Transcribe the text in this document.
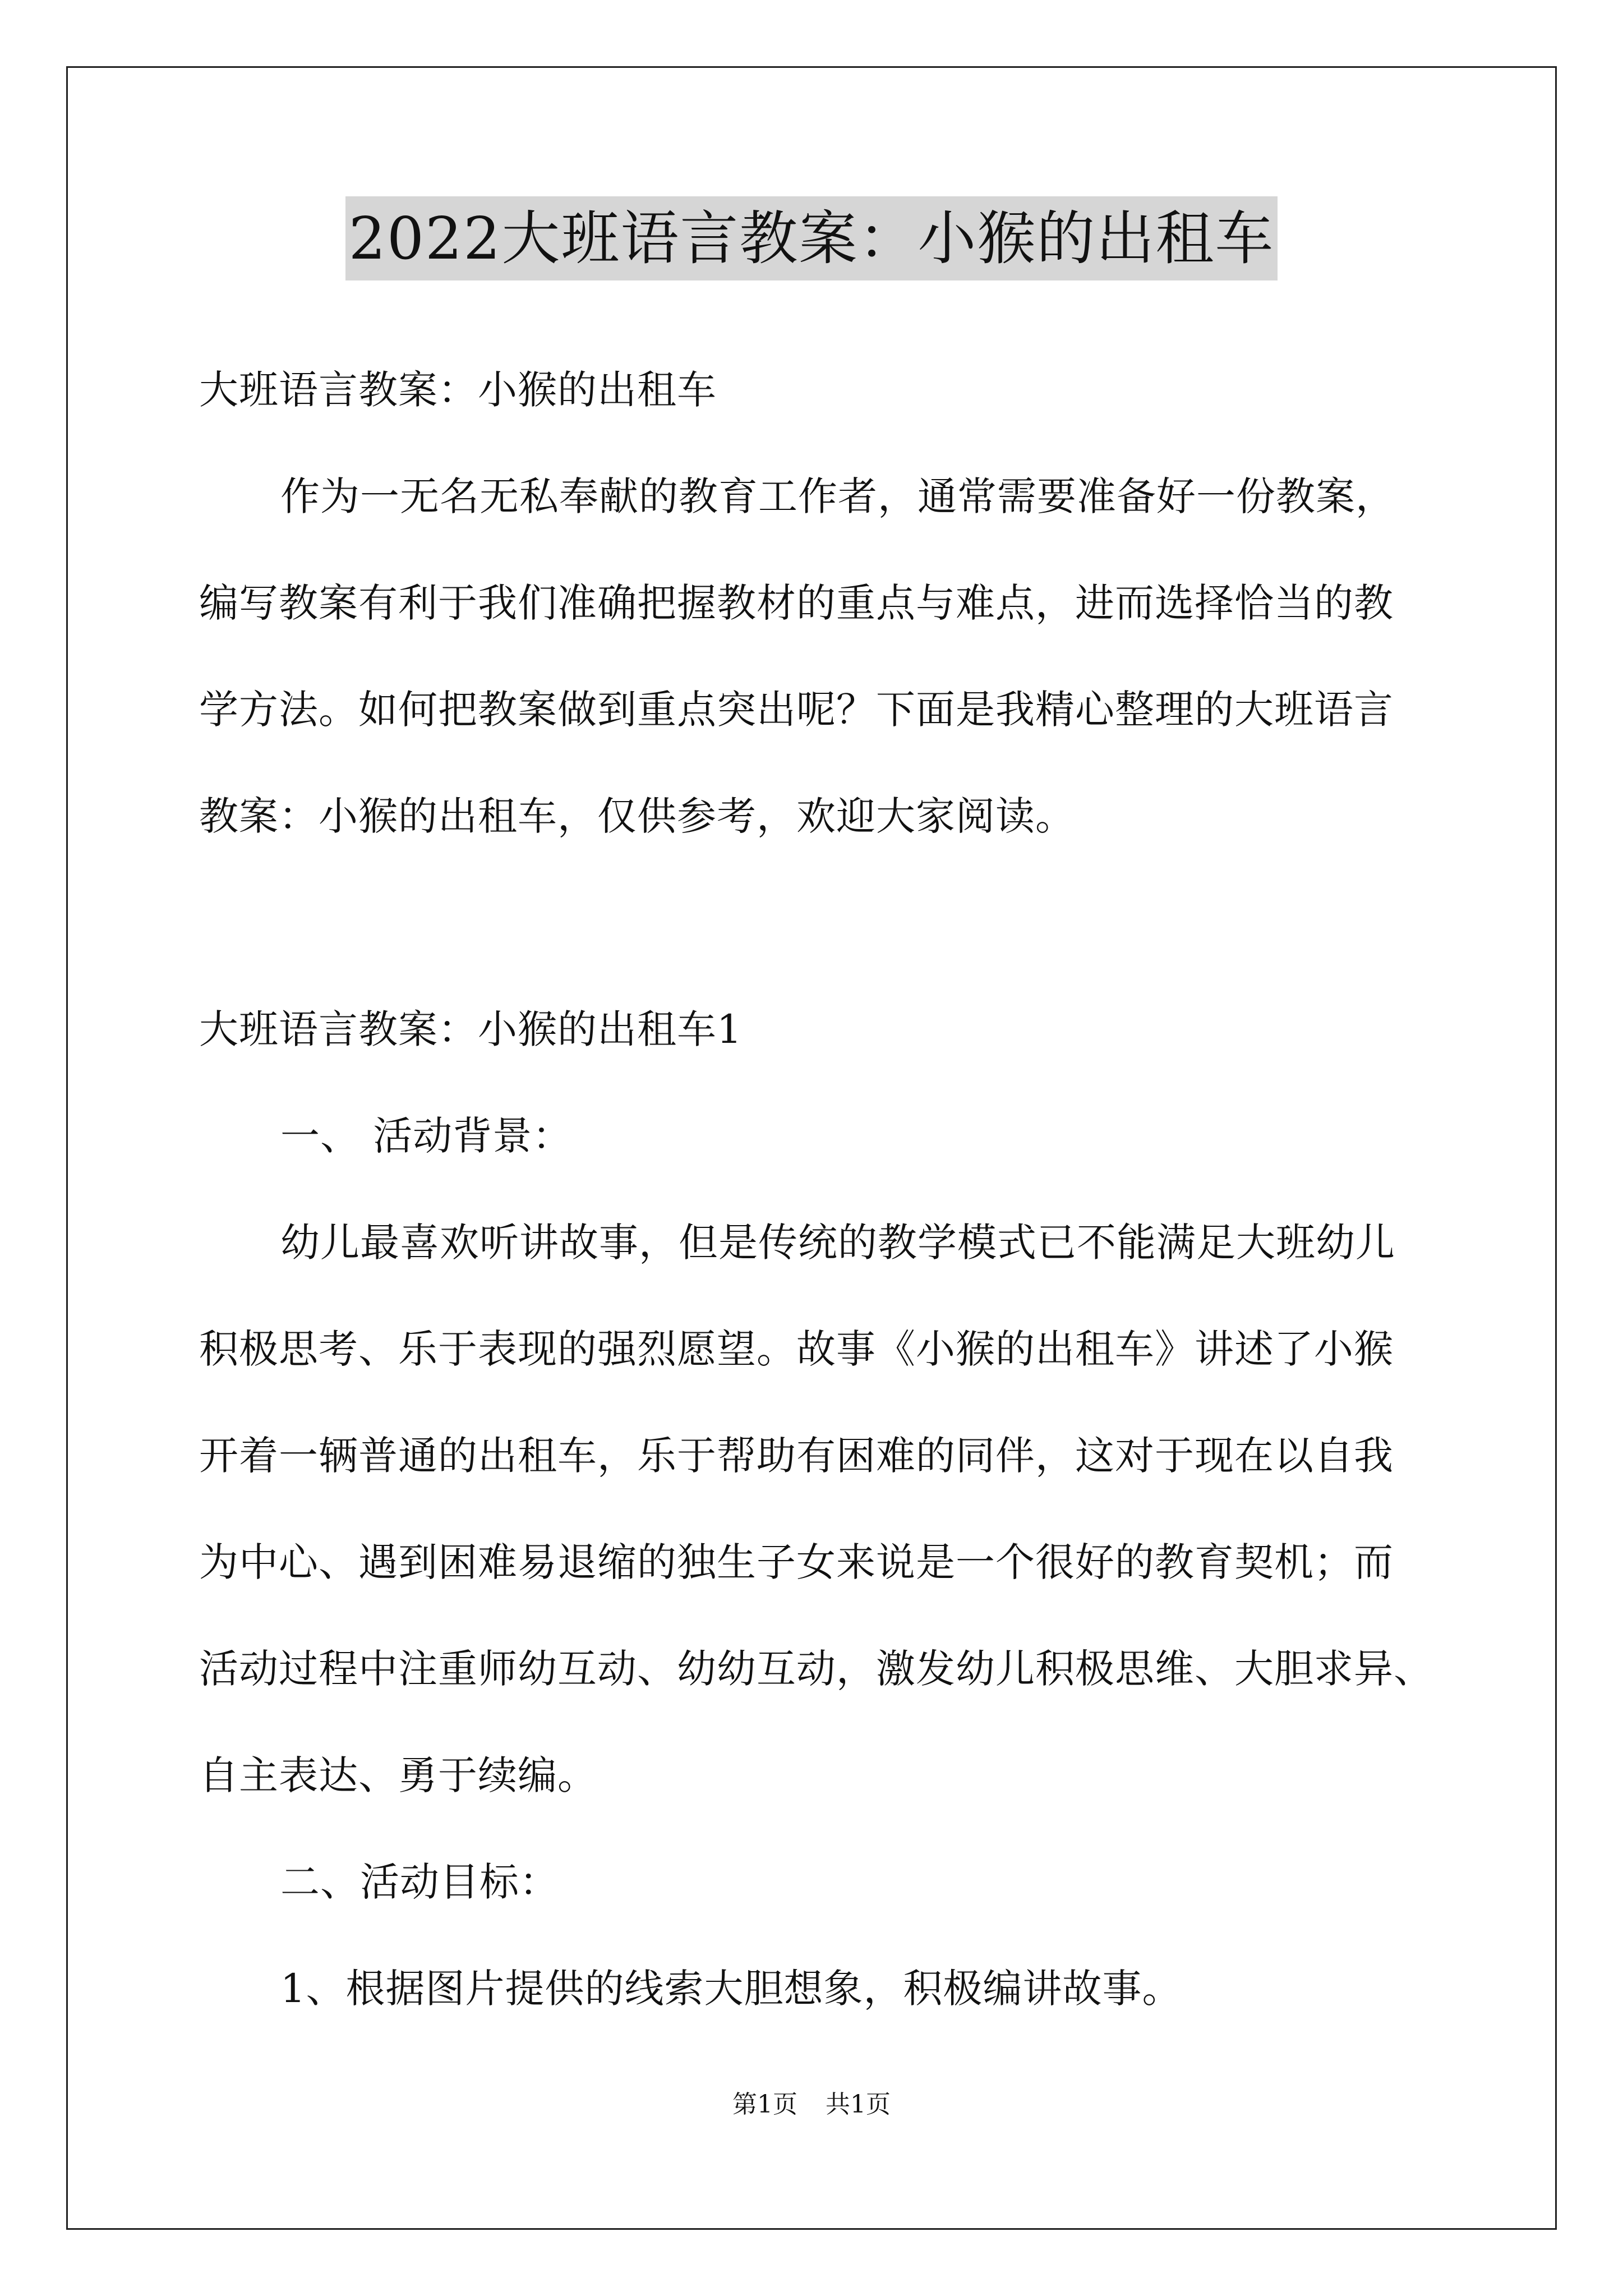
2022大班语言教案：小猴的出租车
大班语言教案：小猴的出租车
作为一无名无私奉献的教育工作者，通常需要准备好一份教案，
编写教案有利于我们准确把握教材的重点与难点，进而选择恰当的教
学方法。如何把教案做到重点突出呢？下面是我精心整理的大班语言
教案：小猴的出租车，仅供参考，欢迎大家阅读。
大班语言教案：小猴的出租车1
一、 活动背景：
幼儿最喜欢听讲故事，但是传统的教学模式已不能满足大班幼儿
积极思考、乐于表现的强烈愿望。故事《小猴的出租车》讲述了小猴
开着一辆普通的出租车，乐于帮助有困难的同伴，这对于现在以自我
为中心、遇到困难易退缩的独生子女来说是一个很好的教育契机；而
活动过程中注重师幼互动、幼幼互动，激发幼儿积极思维、大胆求异、
自主表达、勇于续编。
二、活动目标：
1、根据图片提供的线索大胆想象，积极编讲故事。
第1页 共1页
